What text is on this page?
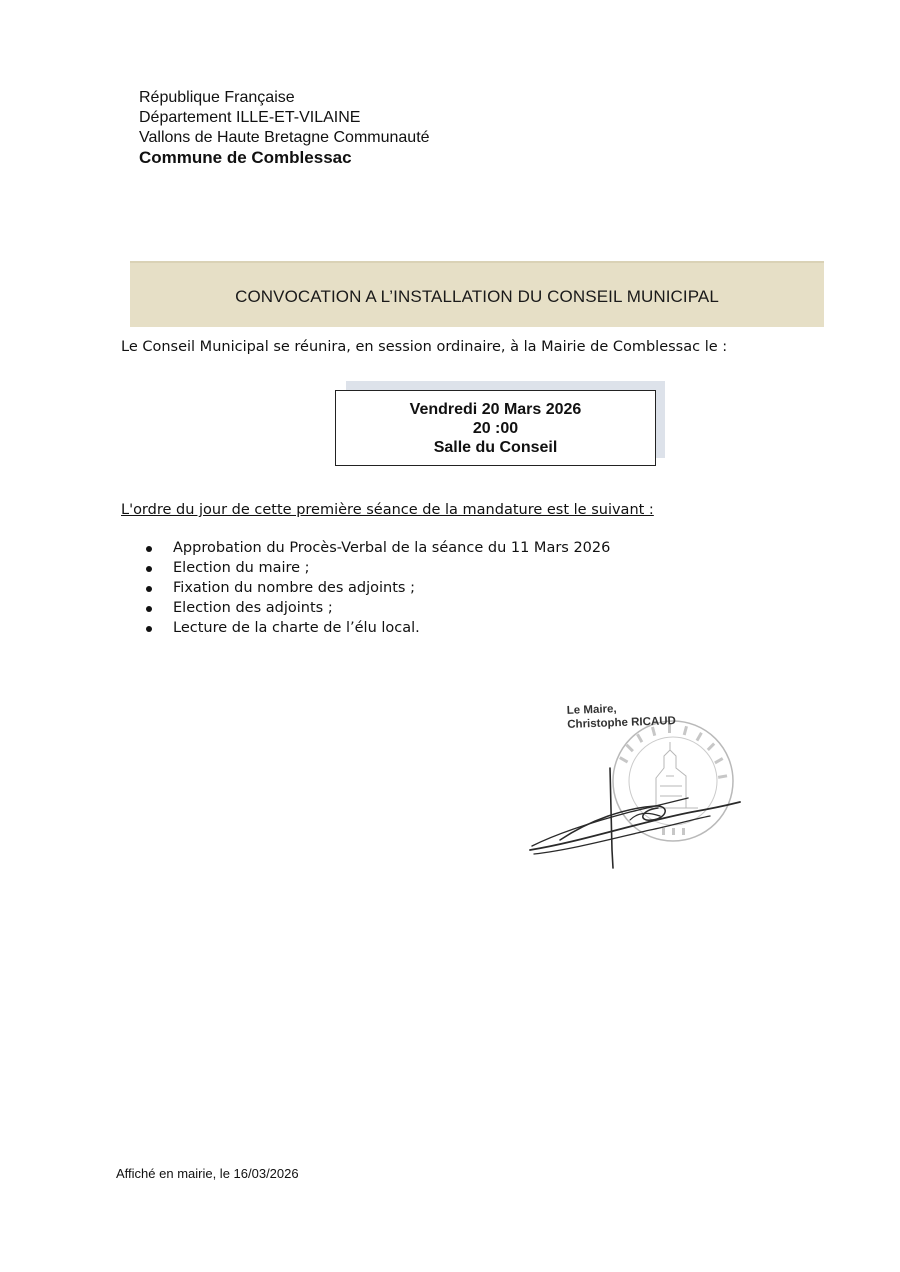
République Française
Département ILLE-ET-VILAINE
Vallons de Haute Bretagne Communauté
Commune de Comblessac
CONVOCATION A L’INSTALLATION DU CONSEIL MUNICIPAL
Le Conseil Municipal se réunira, en session ordinaire, à la Mairie de Comblessac le :
Vendredi 20 Mars 2026
20 :00
Salle du Conseil
L'ordre du jour de cette première séance de la mandature est le suivant :
Approbation du Procès-Verbal de la séance du 11 Mars 2026
Election du maire ;
Fixation du nombre des adjoints ;
Election des adjoints ;
Lecture de la charte de l’élu local.
Le Maire,
Christophe RICAUD
Affiché en mairie, le 16/03/2026
